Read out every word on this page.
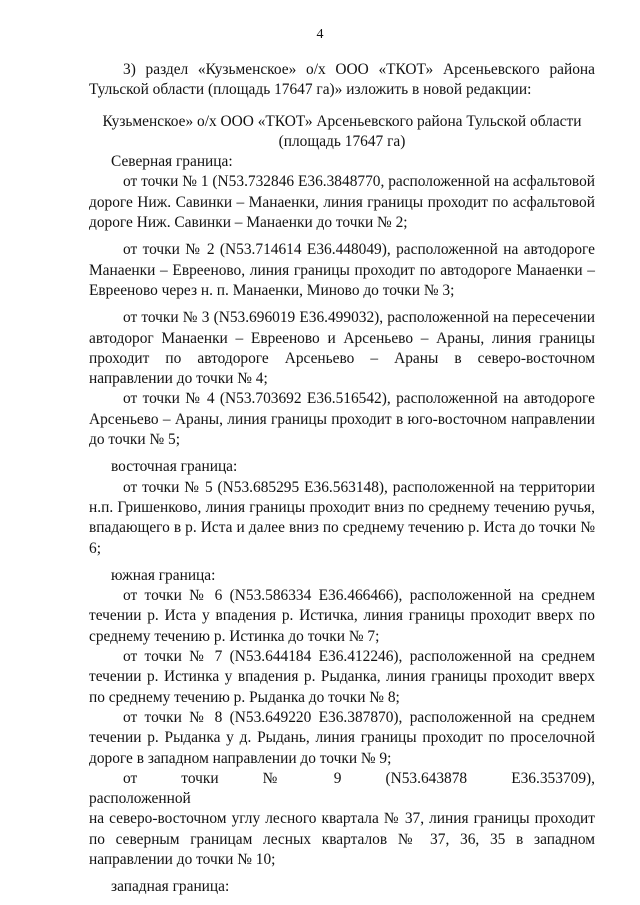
4

3) раздел «Кузьменское» о/х ООО «ТКОТ» Арсеньевского района Тульской области (площадь 17647 га)» изложить в новой редакции:

Кузьменское» о/х ООО «ТКОТ» Арсеньевского района Тульской области (площадь 17647 га)

Северная граница:

от точки № 1 (N53.732846 E36.3848770, расположенной на асфальтовой дороге Ниж. Савинки – Манаенки, линия границы проходит по асфальтовой дороге Ниж. Савинки – Манаенки до точки № 2;

от точки № 2 (N53.714614 E36.448049), расположенной на автодороге Манаенки – Еврееново, линия границы проходит по автодороге Манаенки – Еврееново через н. п. Манаенки, Миново до точки № 3;

от точки № 3 (N53.696019 E36.499032), расположенной на пересечении автодорог Манаенки – Еврееново и Арсеньево – Араны, линия границы проходит по автодороге Арсеньево – Араны в северо-восточном направлении до точки № 4;

от точки № 4 (N53.703692 E36.516542), расположенной на автодороге Арсеньево – Араны, линия границы проходит в юго-восточном направлении до точки № 5;

восточная граница:

от точки № 5 (N53.685295 E36.563148), расположенной на территории н.п. Гришенково, линия границы проходит вниз по среднему течению ручья, впадающего в р. Иста и далее вниз по среднему течению р. Иста до точки № 6;

южная граница:

от точки № 6 (N53.586334 E36.466466), расположенной на среднем течении р. Иста у впадения р. Истичка, линия границы проходит вверх по среднему течению р. Истинка до точки № 7;

от точки № 7 (N53.644184 E36.412246), расположенной на среднем течении р. Истинка у впадения р. Рыданка, линия границы проходит вверх по среднему течению р. Рыданка до точки № 8;

от точки № 8 (N53.649220 E36.387870), расположенной на среднем течении р. Рыданка у д. Рыдань, линия границы проходит по проселочной дороге в западном направлении до точки № 9;

от точки № 9 (N53.643878 E36.353709), расположенной

на северо-восточном углу лесного квартала № 37, линия границы проходит по северным границам лесных кварталов № 37, 36, 35 в западном направлении до точки № 10;

западная граница:
